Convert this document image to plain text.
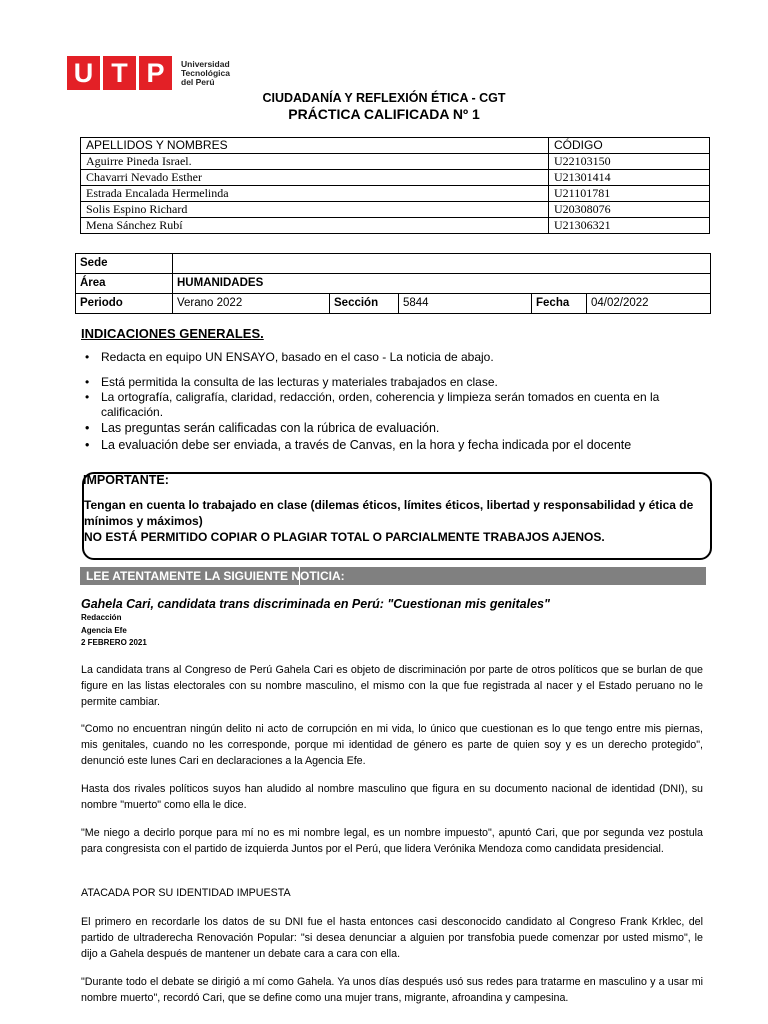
U T P	Universidad
Tecnológica
del Perú
CIUDADANÍA Y REFLEXIÓN ÉTICA - CGT
PRÁCTICA CALIFICADA Nº 1
APELLIDOS Y NOMBRES	CÓDIGO
Aguirre Pineda Israel.	U22103150
Chavarri Nevado Esther	U21301414
Estrada Encalada Hermelinda	U21101781
Solis Espino Richard	U20308076
Mena Sánchez Rubí	U21306321
Sede					
Área	HUMANIDADES				
Periodo	Verano 2022	Sección	5844	Fecha	04/02/2022
INDICACIONES GENERALES.
• Redacta en equipo UN ENSAYO, basado en el caso - La noticia de abajo.
• Está permitida la consulta de las lecturas y materiales trabajados en clase.
• La ortografía, caligrafía, claridad, redacción, orden, coherencia y limpieza serán tomados en cuenta en la calificación.
• Las preguntas serán calificadas con la rúbrica de evaluación.
• La evaluación debe ser enviada, a través de Canvas, en la hora y fecha indicada por el docente
IMPORTANTE:
Tengan en cuenta lo trabajado en clase (dilemas éticos, límites éticos, libertad y responsabilidad y ética de mínimos y máximos)
NO ESTÁ PERMITIDO COPIAR O PLAGIAR TOTAL O PARCIALMENTE TRABAJOS AJENOS.
LEE ATENTAMENTE LA SIGUIENTE NOTICIA:
Gahela Cari, candidata trans discriminada en Perú: "Cuestionan mis genitales"
Redacción
Agencia Efe
2 FEBRERO 2021

La candidata trans al Congreso de Perú Gahela Cari es objeto de discriminación por parte de otros políticos que se burlan de que figure en las listas electorales con su nombre masculino, el mismo con la que fue registrada al nacer y el Estado peruano no le permite cambiar.

"Como no encuentran ningún delito ni acto de corrupción en mi vida, lo único que cuestionan es lo que tengo entre mis piernas, mis genitales, cuando no les corresponde, porque mi identidad de género es parte de quien soy y es un derecho protegido", denunció este lunes Cari en declaraciones a la Agencia Efe.

Hasta dos rivales políticos suyos han aludido al nombre masculino que figura en su documento nacional de identidad (DNI), su nombre "muerto" como ella le dice.

"Me niego a decirlo porque para mí no es mi nombre legal, es un nombre impuesto", apuntó Cari, que por segunda vez postula para congresista con el partido de izquierda Juntos por el Perú, que lidera Verónika Mendoza como candidata presidencial.

ATACADA POR SU IDENTIDAD IMPUESTA

El primero en recordarle los datos de su DNI fue el hasta entonces casi desconocido candidato al Congreso Frank Krklec, del partido de ultraderecha Renovación Popular: "si desea denunciar a alguien por transfobia puede comenzar por usted mismo", le dijo a Gahela después de mantener un debate cara a cara con ella.

"Durante todo el debate se dirigió a mí como Gahela. Ya unos días después usó sus redes para tratarme en masculino y a usar mi nombre muerto", recordó Cari, que se define como una mujer trans, migrante, afroandina y campesina.
